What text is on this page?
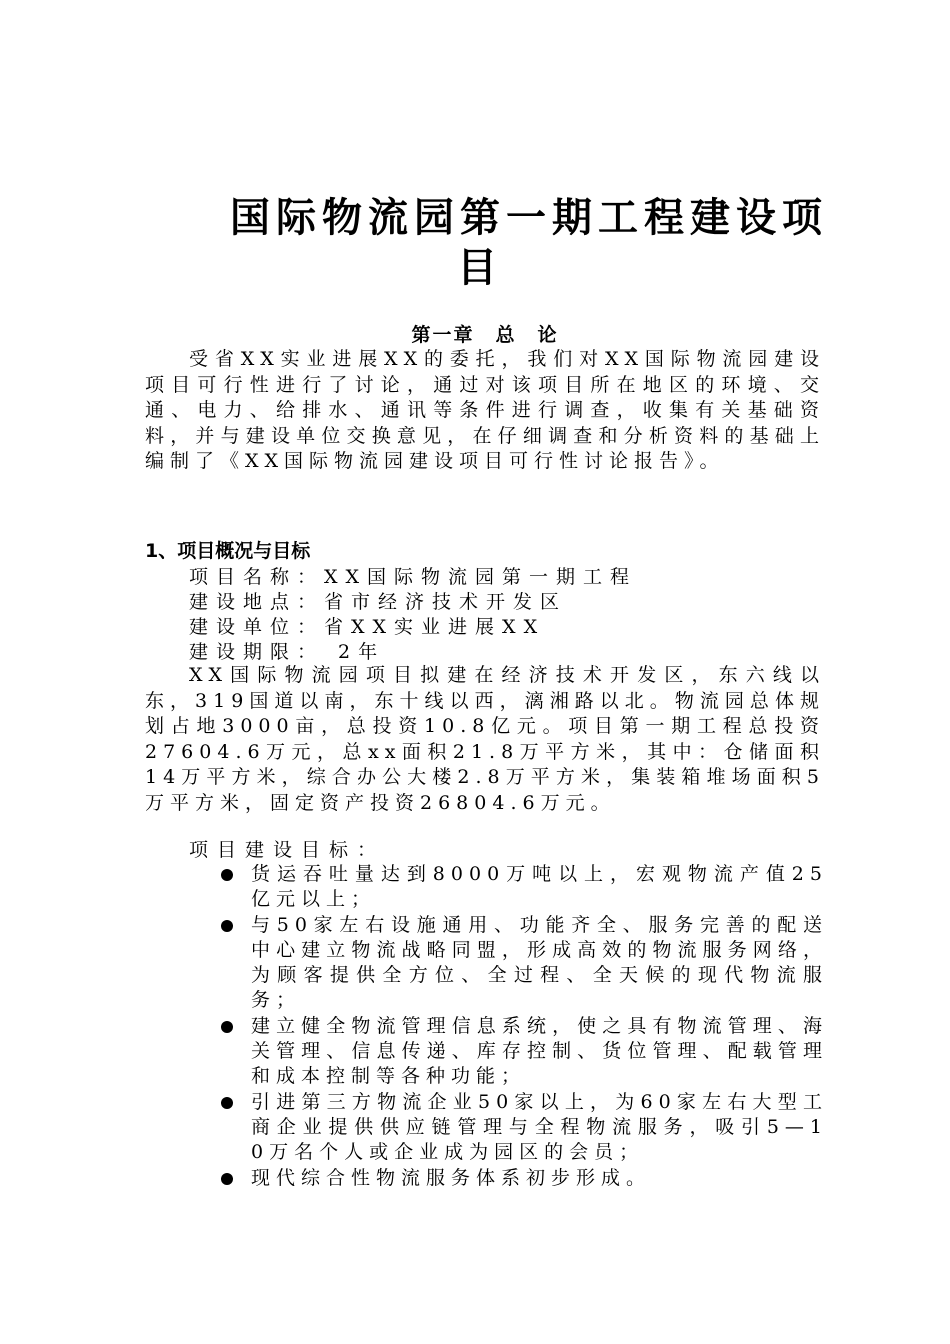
国际物流园第一期工程建设项
目
第一章　总　论

受省XX实业进展XX的委托，我们对XX国际物流园建设项目可行性进行了讨论，通过对该项目所在地区的环境、交通、电力、给排水、通讯等条件进行调查，收集有关基础资料，并与建设单位交换意见，在仔细调查和分析资料的基础上编制了《XX国际物流园建设项目可行性讨论报告》。

1、项目概况与目标
项目名称：XX国际物流园第一期工程
建设地点：省市经济技术开发区
建设单位：省XX实业进展XX
建设期限： 2年

XX国际物流园项目拟建在经济技术开发区，东六线以东，319国道以南，东十线以西，漓湘路以北。物流园总体规划占地3000亩，总投资10.8亿元。项目第一期工程总投资27604.6万元，总xx面积21.8万平方米，其中：仓储面积14万平方米，综合办公大楼2.8万平方米，集装箱堆场面积5万平方米，固定资产投资26804.6万元。

项目建设目标：
货运吞吐量达到8000万吨以上，宏观物流产值25亿元以上；
与50家左右设施通用、功能齐全、服务完善的配送中心建立物流战略同盟，形成高效的物流服务网络，为顾客提供全方位、全过程、全天候的现代物流服务；
建立健全物流管理信息系统，使之具有物流管理、海关管理、信息传递、库存控制、货位管理、配载管理和成本控制等各种功能；
引进第三方物流企业50家以上，为60家左右大型工商企业提供供应链管理与全程物流服务，吸引5—10万名个人或企业成为园区的会员；
现代综合性物流服务体系初步形成。
